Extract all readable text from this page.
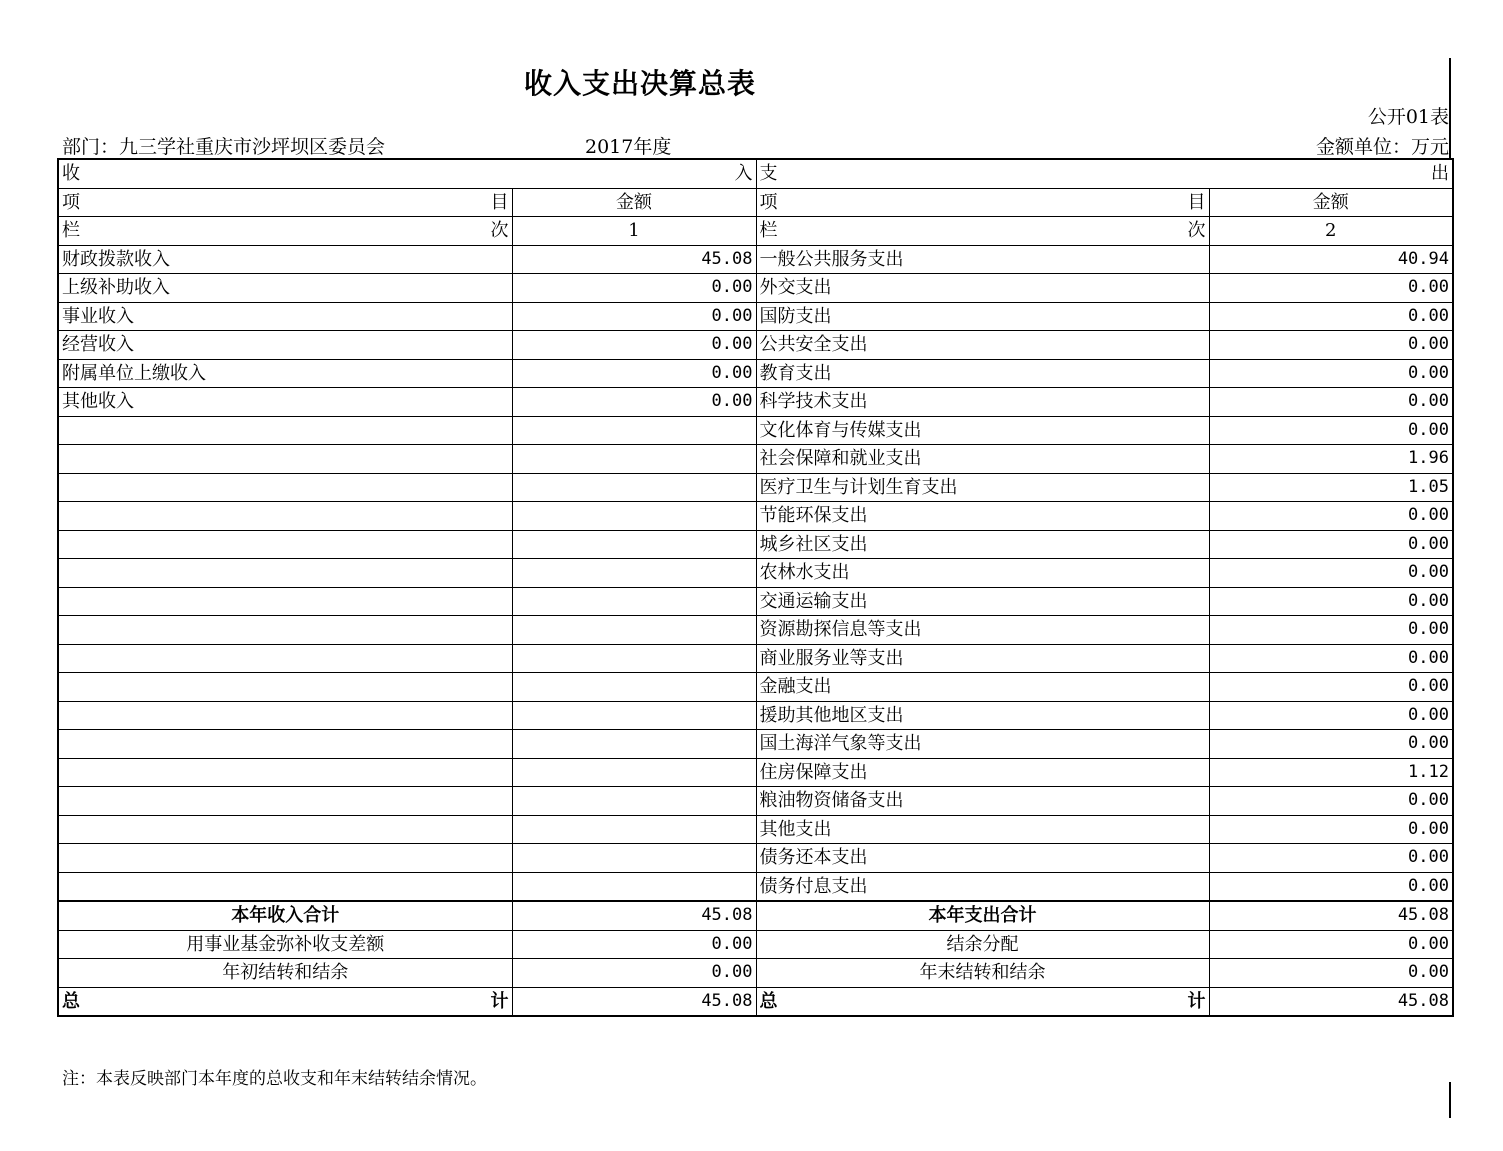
收入支出决算总表
公开01表
部门：九三学社重庆市沙坪坝区委员会	2017年度	金额单位：万元
收 入		支 出	

项 目	金额	项 目	金额

栏 次	1	栏 次	2
财政拨款收入	45.08	一般公共服务支出	40.94
上级补助收入	0.00	外交支出	0.00
事业收入	0.00	国防支出	0.00
经营收入	0.00	公共安全支出	0.00
附属单位上缴收入	0.00	教育支出	0.00
其他收入	0.00	科学技术支出	0.00
		文化体育与传媒支出	0.00
		社会保障和就业支出	1.96
		医疗卫生与计划生育支出	1.05
		节能环保支出	0.00
		城乡社区支出	0.00
		农林水支出	0.00
		交通运输支出	0.00
		资源勘探信息等支出	0.00
		商业服务业等支出	0.00
		金融支出	0.00
		援助其他地区支出	0.00
		国土海洋气象等支出	0.00
		住房保障支出	1.12
		粮油物资储备支出	0.00
		其他支出	0.00
		债务还本支出	0.00
		债务付息支出	0.00
本年收入合计	45.08	本年支出合计	45.08
用事业基金弥补收支差额	0.00	结余分配	0.00
年初结转和结余	0.00	年末结转和结余	0.00

总 计	45.08	总 计	45.08
注：本表反映部门本年度的总收支和年末结转结余情况。
